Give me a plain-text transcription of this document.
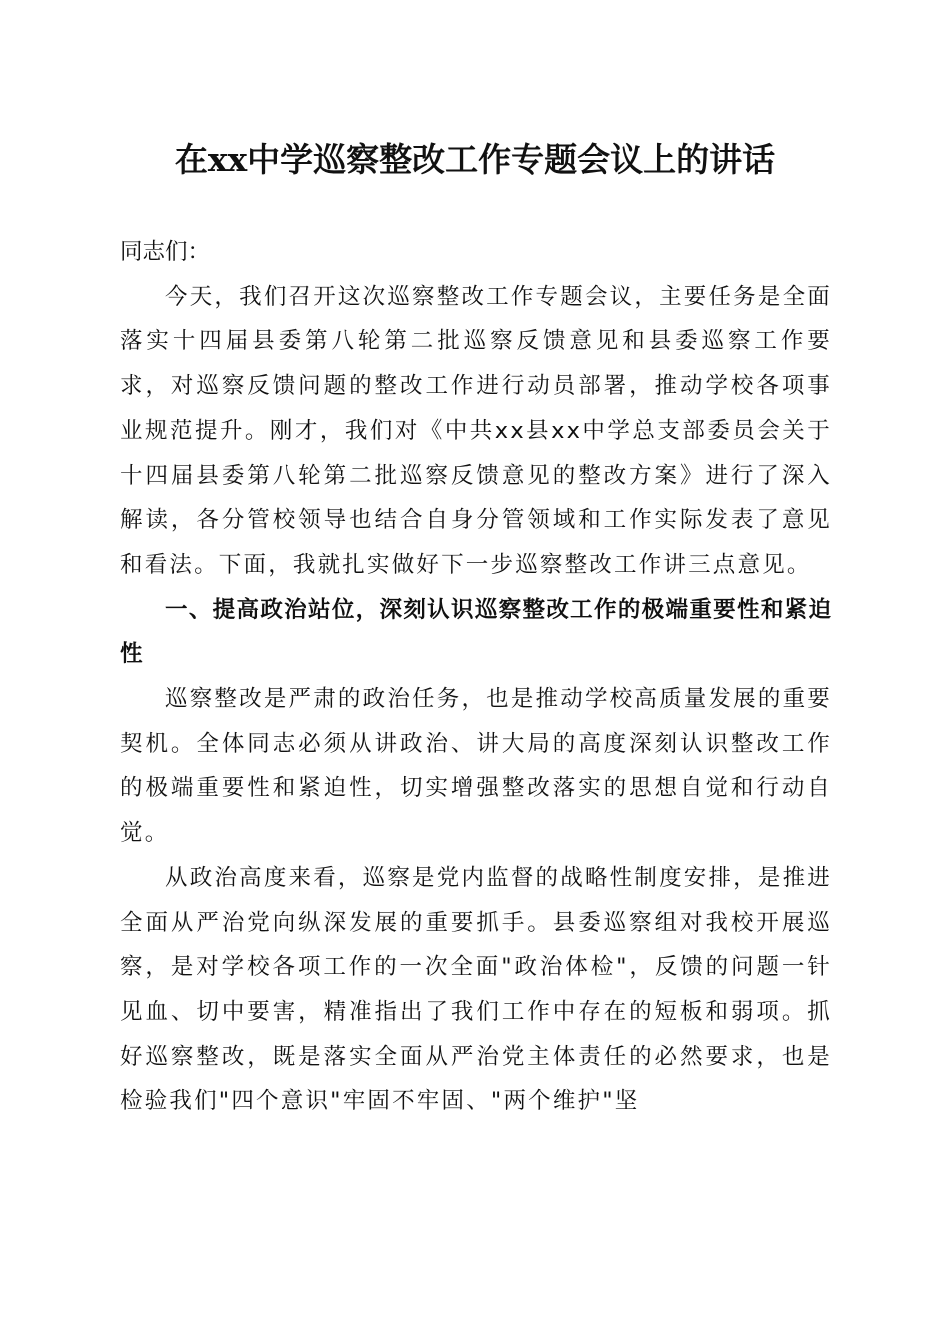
在xx中学巡察整改工作专题会议上的讲话

同志们：

今天，我们召开这次巡察整改工作专题会议，主要任务是全面落实十四届县委第八轮第二批巡察反馈意见和县委巡察工作要求，对巡察反馈问题的整改工作进行动员部署，推动学校各项事业规范提升。刚才，我们对《中共xx县xx中学总支部委员会关于十四届县委第八轮第二批巡察反馈意见的整改方案》进行了深入解读，各分管校领导也结合自身分管领域和工作实际发表了意见和看法。下面，我就扎实做好下一步巡察整改工作讲三点意见。

一、提高政治站位，深刻认识巡察整改工作的极端重要性和紧迫性

巡察整改是严肃的政治任务，也是推动学校高质量发展的重要契机。全体同志必须从讲政治、讲大局的高度深刻认识整改工作的极端重要性和紧迫性，切实增强整改落实的思想自觉和行动自觉。

从政治高度来看，巡察是党内监督的战略性制度安排，是推进全面从严治党向纵深发展的重要抓手。县委巡察组对我校开展巡察，是对学校各项工作的一次全面"政治体检"，反馈的问题一针见血、切中要害，精准指出了我们工作中存在的短板和弱项。抓好巡察整改，既是落实全面从严治党主体责任的必然要求，也是检验我们"四个意识"牢固不牢固、"两个维护"坚
